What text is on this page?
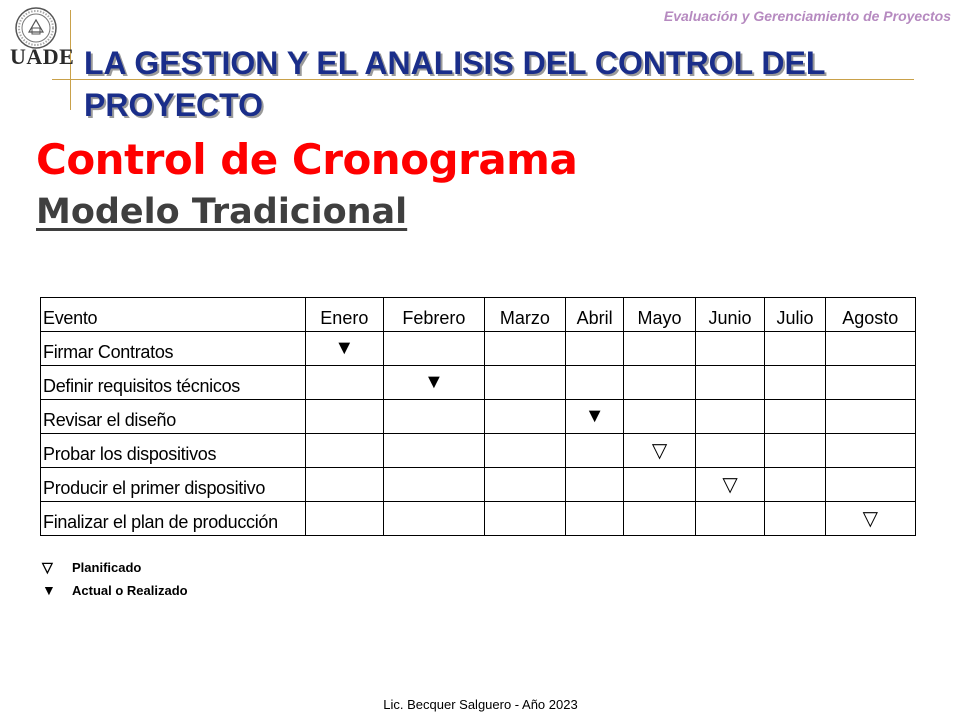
UADE
Evaluación y Gerenciamiento de Proyectos
LA GESTION Y EL ANALISIS DEL CONTROL DEL PROYECTO
Control de Cronograma
Modelo Tradicional
Evento	Enero	Febrero	Marzo	Abril	Mayo	Junio	Julio	Agosto
Firmar Contratos	▼							
Definir requisitos técnicos		▼						
Revisar el diseño				▼				
Probar los dispositivos					▽			
Producir el primer dispositivo						▽		
Finalizar el plan de producción								▽
▽ Planificado
▼ Actual o Realizado
Lic. Becquer Salguero - Año 2023
